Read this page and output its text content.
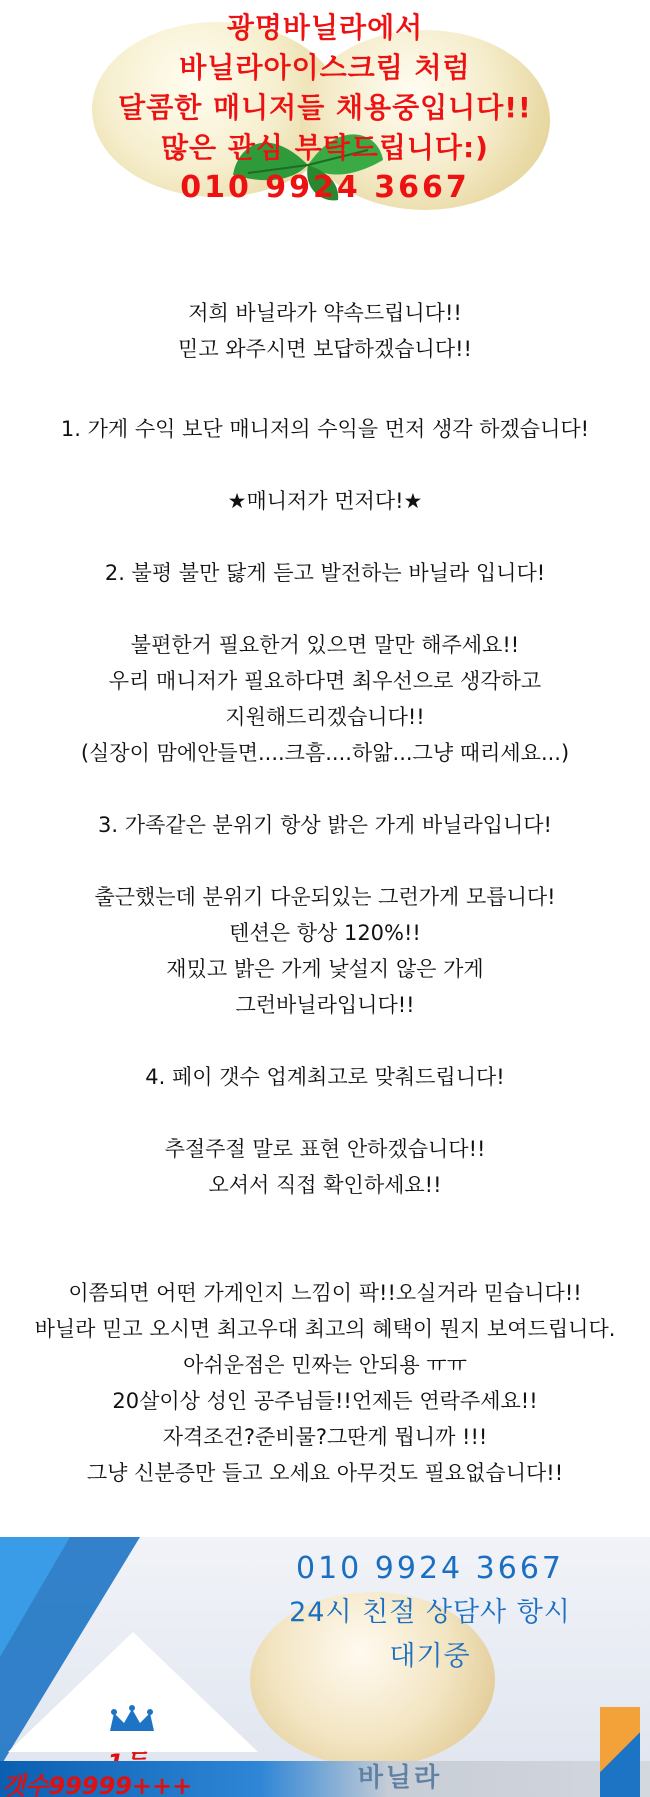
광명바닐라에서
바닐라아이스크림 처럼
달콤한 매니저들 채용중입니다!!
많은 관심 부탁드립니다:)
010 9924 3667
저희 바닐라가 약속드립니다!!
믿고 와주시면 보답하겠습니다!!
1. 가게 수익 보단 매니저의 수익을 먼저 생각 하겠습니다!
★매니저가 먼저다!★
2. 불평 불만 닳게 듣고 발전하는 바닐라 입니다!
불편한거 필요한거 있으면 말만 해주세요!!
우리 매니저가 필요하다면 최우선으로 생각하고
지원해드리겠습니다!!
(실장이 맘에안들면....크흠....하앎...그냥 때리세요...)
3. 가족같은 분위기 항상 밝은 가게 바닐라입니다!
출근했는데 분위기 다운되있는 그런가게 모릅니다!
텐션은 항상 120%!!
재밌고 밝은 가게 낯설지 않은 가게
그런바닐라입니다!!
4. 페이 갯수 업계최고로 맞춰드립니다!
추절주절 말로 표현 안하겠습니다!!
오셔서 직접 확인하세요!!
이쯤되면 어떤 가게인지 느낌이 팍!!오실거라 믿습니다!!
바닐라 믿고 오시면 최고우대 최고의 혜택이 뭔지 보여드립니다.
아쉬운점은 민짜는 안되용 ㅠㅠ
20살이상 성인 공주님들!!언제든 연락주세요!!
자격조건?준비물?그딴게 뭡니까 !!!
그냥 신분증만 들고 오세요 아무것도 필요없습니다!!
갯수99999+++	바닐라
010 9924 3667
24시 친절 상담사 항시
대기중
